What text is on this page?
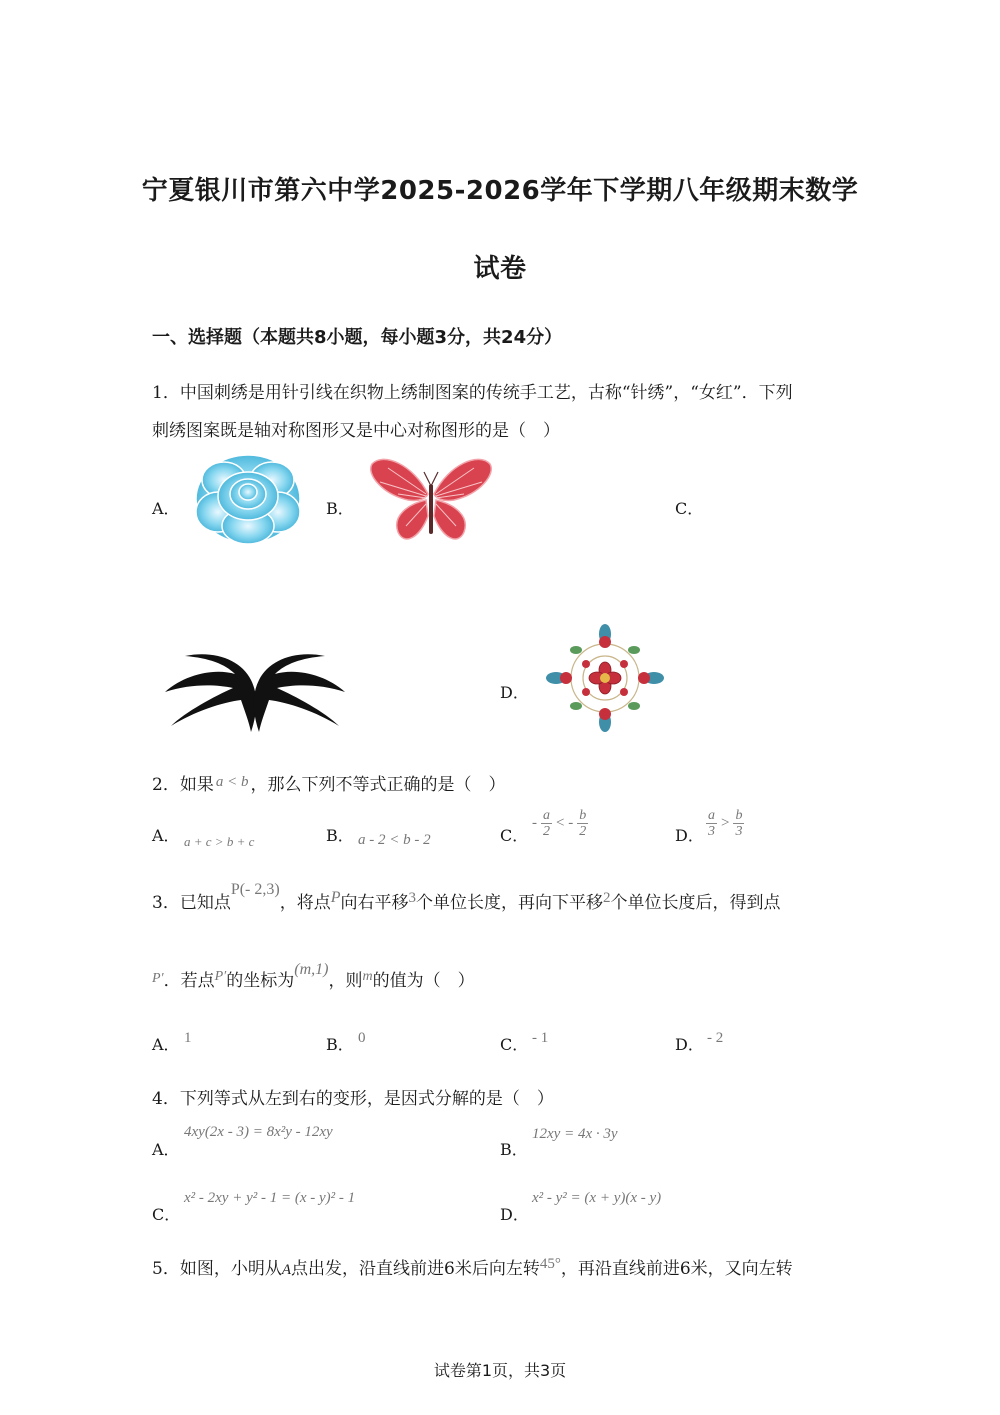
宁夏银川市第六中学2025-2026学年下学期八年级期末数学
试卷
一、选择题（本题共8小题，每小题3分，共24分）
1．中国刺绣是用针引线在织物上绣制图案的传统手工艺，古称“针绣”，“女红”．下列
刺绣图案既是轴对称图形又是中心对称图形的是（　）
A．	B．	C．
D．
2．如果 a < b ，那么下列不等式正确的是（　）
A． a + c > b + c	B． a - 2 < b - 2	C．
- $\frac{a}{2}$ < - $\frac{b}{2}$	D． $\frac{a}{3} > \frac{b}{3}$
3．已知点P(- 2,3)，将点P向右平移3个单位长度，再向下平移2个单位长度后，得到点
$^{P'}$．若点$^{P'}$的坐标为(m,1)，则$^m$的值为（　）
A． 1	B． 0	C． - 1	D． - 2
4．下列等式从左到右的变形，是因式分解的是（　）
A．
4xy(2x - 3) = 8x²y - 12xy
B．
12xy = 4x · 3y
C．
x² - 2xy + y² - 1 = (x - y)² - 1
D．
x² - y² = (x + y)(x - y)
5．如图，小明从A点出发，沿直线前进6米后向左转45°，再沿直线前进6米，又向左转
试卷第1页，共3页
